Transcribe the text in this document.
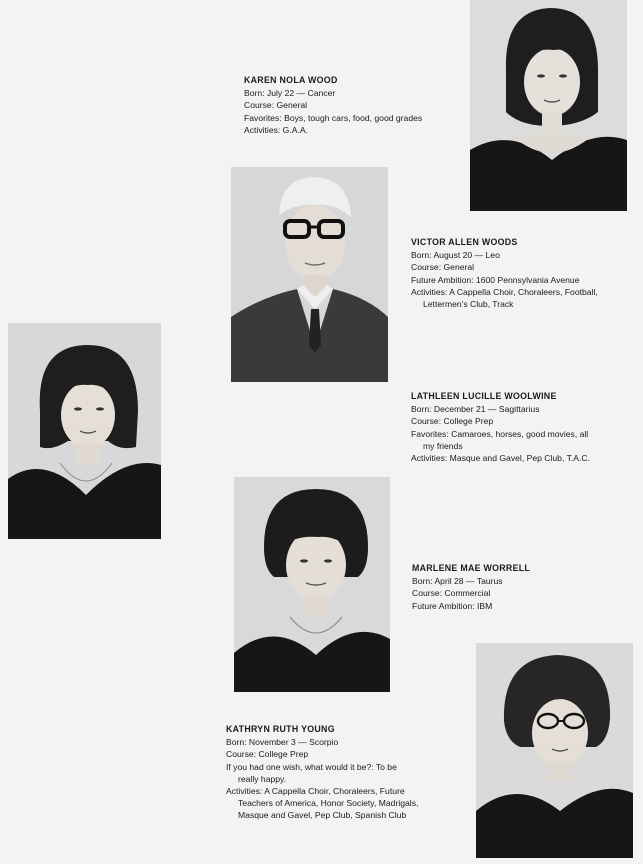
KAREN NOLA WOOD
Born: July 22 — Cancer
Course: General
Favorites: Boys, tough cars, food, good grades
Activities: G.A.A.
VICTOR ALLEN WOODS
Born: August 20 — Leo
Course: General
Future Ambition: 1600 Pennsylvania Avenue
Activities: A Cappella Choir, Choraleers, Football,
Lettermen's Club, Track
LATHLEEN LUCILLE WOOLWINE
Born: December 21 — Sagittarius
Course: College Prep
Favorites: Camaroes, horses, good movies, all
my friends
Activities: Masque and Gavel, Pep Club, T.A.C.
MARLENE MAE WORRELL
Born: April 28 — Taurus
Course: Commercial
Future Ambition: IBM
KATHRYN RUTH YOUNG
Born: November 3 — Scorpio
Course: College Prep
If you had one wish, what would it be?: To be
really happy.
Activities: A Cappella Choir, Choraleers, Future
Teachers of America, Honor Society, Madrigals,
Masque and Gavel, Pep Club, Spanish Club
